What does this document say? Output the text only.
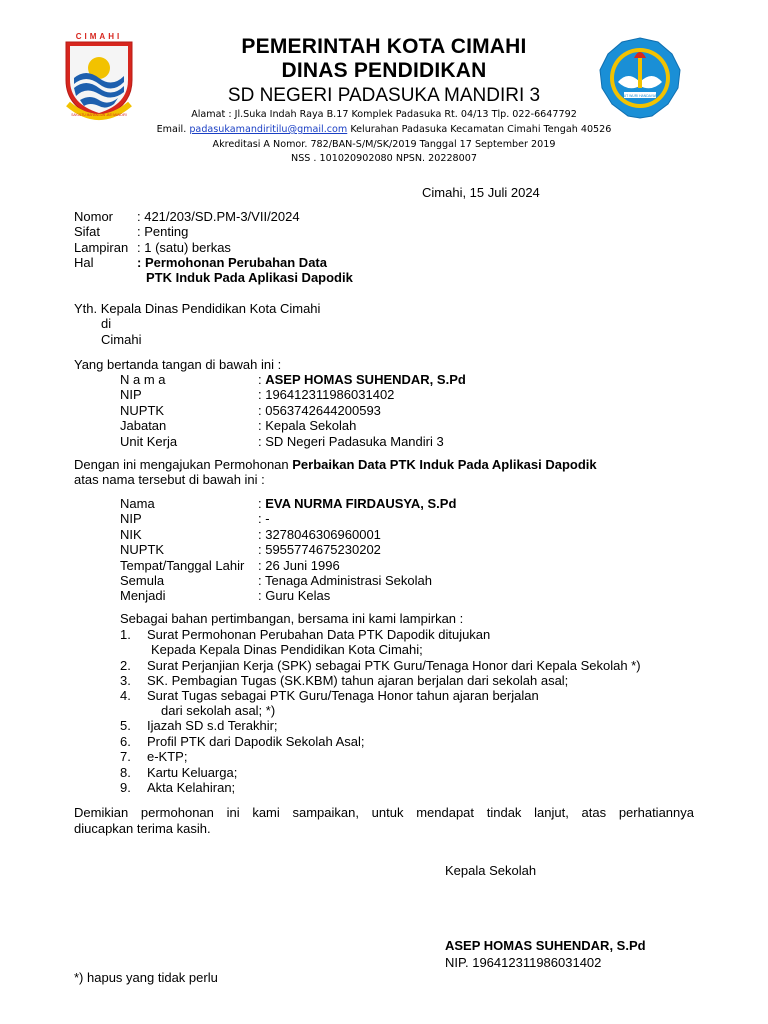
CIMAHI
SAKULTU MAHANGUN JATI MANDIRI
TUT WURI HANDAYANI
PEMERINTAH KOTA CIMAHI
DINAS PENDIDIKAN
SD NEGERI PADASUKA MANDIRI 3
Alamat : Jl.Suka Indah Raya B.17 Komplek Padasuka Rt. 04/13 Tlp. 022-6647792
Email. padasukamandiritilu@gmail.com Kelurahan Padasuka Kecamatan Cimahi Tengah 40526
Akreditasi A Nomor. 782/BAN-S/M/SK/2019 Tanggal 17 September 2019
NSS . 101020902080 NPSN. 20228007
Cimahi, 15 Juli 2024
Nomor : 421/203/SD.PM-3/VII/2024
Sifat	: Penting
Lampiran : 1 (satu) berkas
Hal	: Permohonan Perubahan Data
PTK Induk Pada Aplikasi Dapodik
Yth. Kepala Dinas Pendidikan Kota Cimahi
di
Cimahi
Yang bertanda tangan di bawah ini :
N a m a	: ASEP HOMAS SUHENDAR, S.Pd
NIP	: 196412311986031402
NUPTK	: 0563742644200593
Jabatan	: Kepala Sekolah
Unit Kerja	: SD Negeri Padasuka Mandiri 3
Dengan ini mengajukan Permohonan Perbaikan Data PTK Induk Pada Aplikasi Dapodik
atas nama tersebut di bawah ini :
Nama	: EVA NURMA FIRDAUSYA, S.Pd
NIP	: -
NIK	: 3278046306960001
NUPTK	: 5955774675230202
Tempat/Tanggal Lahir : 26 Juni 1996
Semula	: Tenaga Administrasi Sekolah
Menjadi	: Guru Kelas
Sebagai bahan pertimbangan, bersama ini kami lampirkan :
1. Surat Permohonan Perubahan Data PTK Dapodik ditujukan
Kepada Kepala Dinas Pendidikan Kota Cimahi;
2. Surat Perjanjian Kerja (SPK) sebagai PTK Guru/Tenaga Honor dari Kepala Sekolah *)
3. SK. Pembagian Tugas (SK.KBM) tahun ajaran berjalan dari sekolah asal;
4. Surat Tugas sebagai PTK Guru/Tenaga Honor tahun ajaran berjalan
dari sekolah asal; *)
5. Ijazah SD s.d Terakhir;
6. Profil PTK dari Dapodik Sekolah Asal;
7. e-KTP;
8. Kartu Keluarga;
9. Akta Kelahiran;
Demikian permohonan ini kami sampaikan, untuk mendapat tindak lanjut, atas perhatiannya
diucapkan terima kasih.
Kepala Sekolah
ASEP HOMAS SUHENDAR, S.Pd
NIP. 196412311986031402
*) hapus yang tidak perlu
